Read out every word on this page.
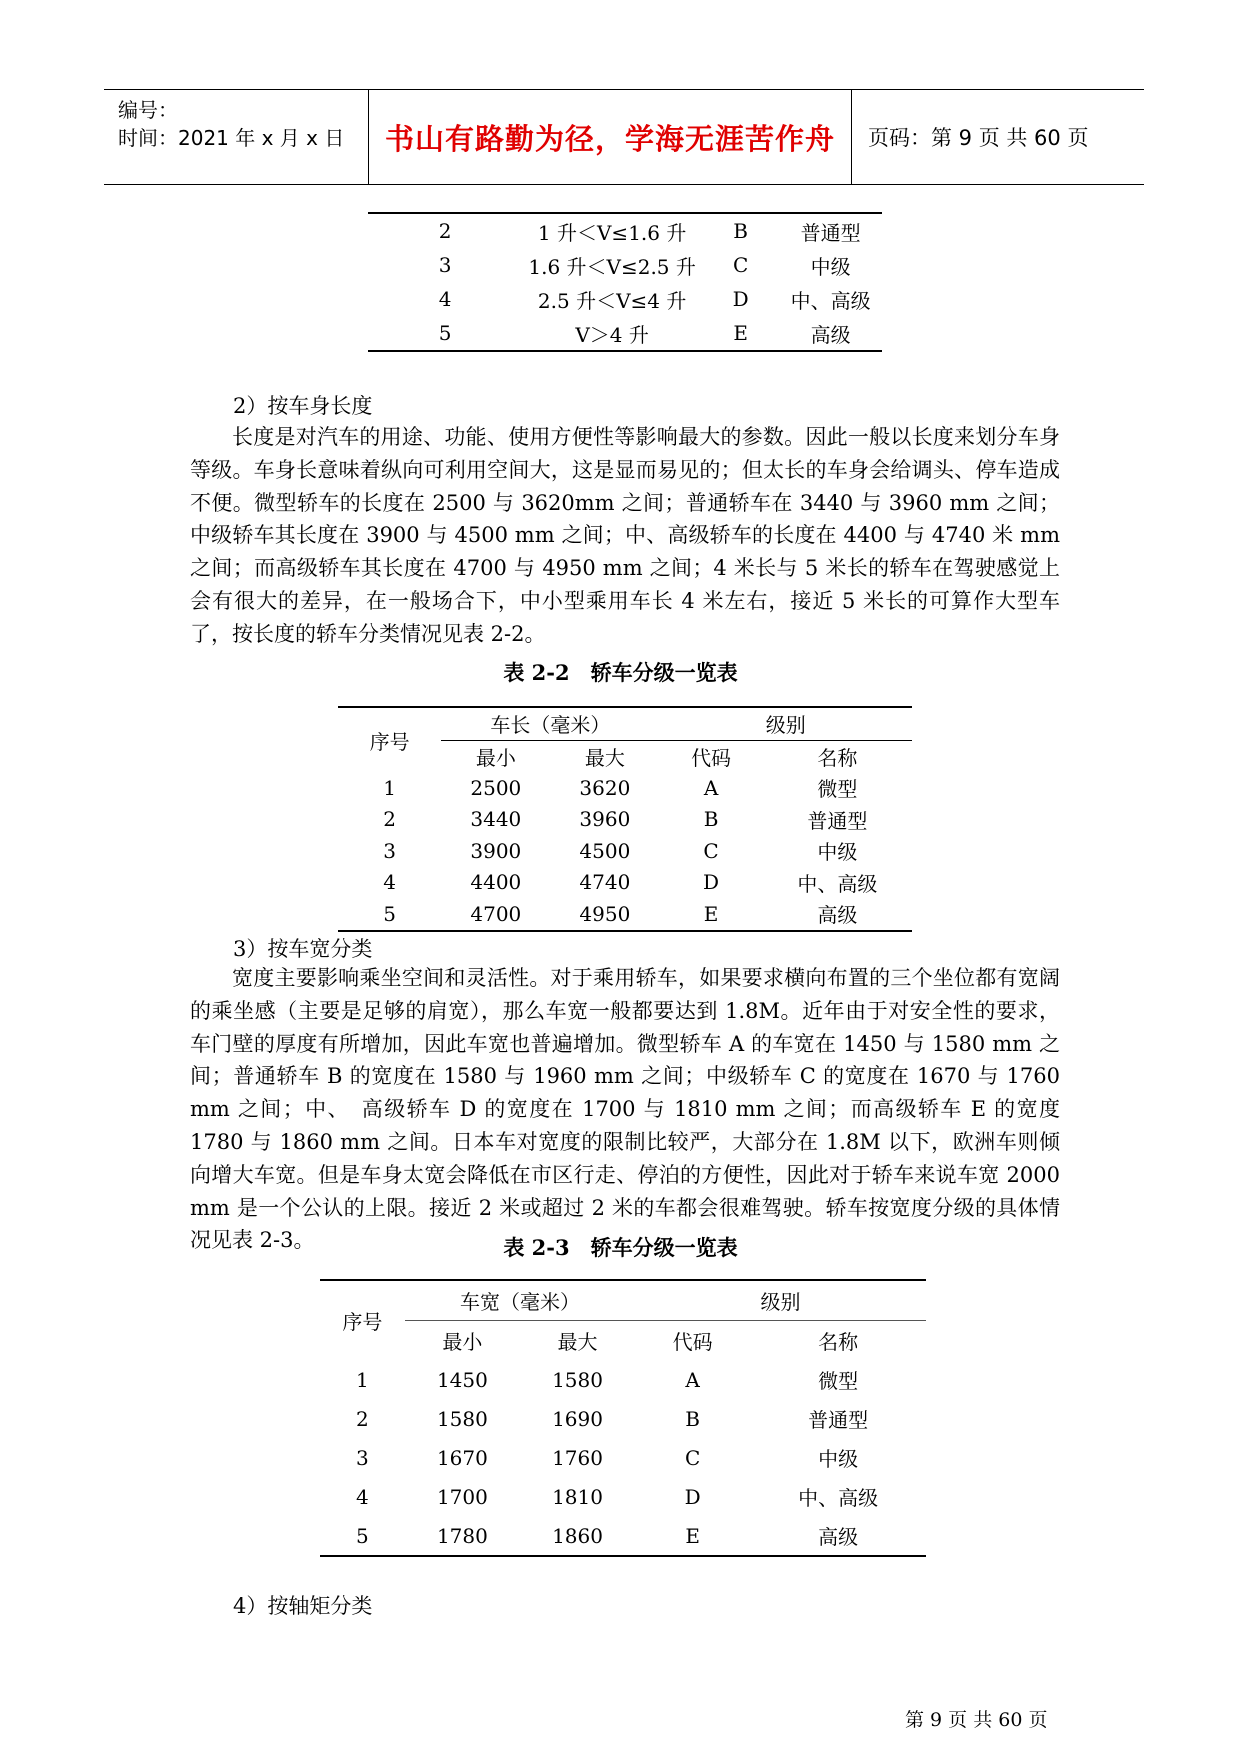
编号：
时间：2021 年 x 月 x 日 书山有路勤为径，学海无涯苦作舟	页码：第 9 页 共 60 页
2	1 升＜V≤1.6 升	B	普通型
3	1.6 升＜V≤2.5 升	C	中级
4	2.5 升＜V≤4 升	D	中、高级
5	V＞4 升	E	高级

2）按车身长度

长度是对汽车的用途、功能、使用方便性等影响最大的参数。因此一般以长度来划分车身等级。车身长意味着纵向可利用空间大，这是显而易见的；但太长的车身会给调头、停车造成不便。微型轿车的长度在 2500 与 3620mm 之间；普通轿车在 3440 与 3960 mm 之间；中级轿车其长度在 3900 与 4500 mm 之间；中、高级轿车的长度在 4400 与 4740 米 mm 之间；而高级轿车其长度在 4700 与 4950 mm 之间；4 米长与 5 米长的轿车在驾驶感觉上会有很大的差异，在一般场合下，中小型乘用车长 4 米左右，接近 5 米长的可算作大型车了，按长度的轿车分类情况见表 2-2。

表 2-2　轿车分级一览表

序号	车长（毫米）		级别	
	最小	最大	代码	名称
1	2500	3620	A	微型
2	3440	3960	B	普通型
3	3900	4500	C	中级
4	4400	4740	D	中、高级
5	4700	4950	E	高级

3）按车宽分类

宽度主要影响乘坐空间和灵活性。对于乘用轿车，如果要求横向布置的三个坐位都有宽阔的乘坐感（主要是足够的肩宽），那么车宽一般都要达到 1.8M。近年由于对安全性的要求，车门壁的厚度有所增加，因此车宽也普遍增加。微型轿车 A 的车宽在 1450 与 1580 mm 之间；普通轿车 B 的宽度在 1580 与 1960 mm 之间；中级轿车 C 的宽度在 1670 与 1760 mm 之间；中、　高级轿车 D 的宽度在 1700 与 1810 mm 之间；而高级轿车 E 的宽度 1780 与 1860 mm 之间。日本车对宽度的限制比较严，大部分在 1.8M 以下，欧洲车则倾向增大车宽。但是车身太宽会降低在市区行走、停泊的方便性，因此对于轿车来说车宽 2000 mm 是一个公认的上限。接近 2 米或超过 2 米的车都会很难驾驶。轿车按宽度分级的具体情况见表 2-3。	表 2-3　轿车分级一览表

序号	车宽（毫米）		级别	
	最小	最大	代码	名称
1	1450	1580	A	微型
2	1580	1690	B	普通型
3	1670	1760	C	中级
4	1700	1810	D	中、高级
5	1780	1860	E	高级

4）按轴矩分类

第 9 页 共 60 页
